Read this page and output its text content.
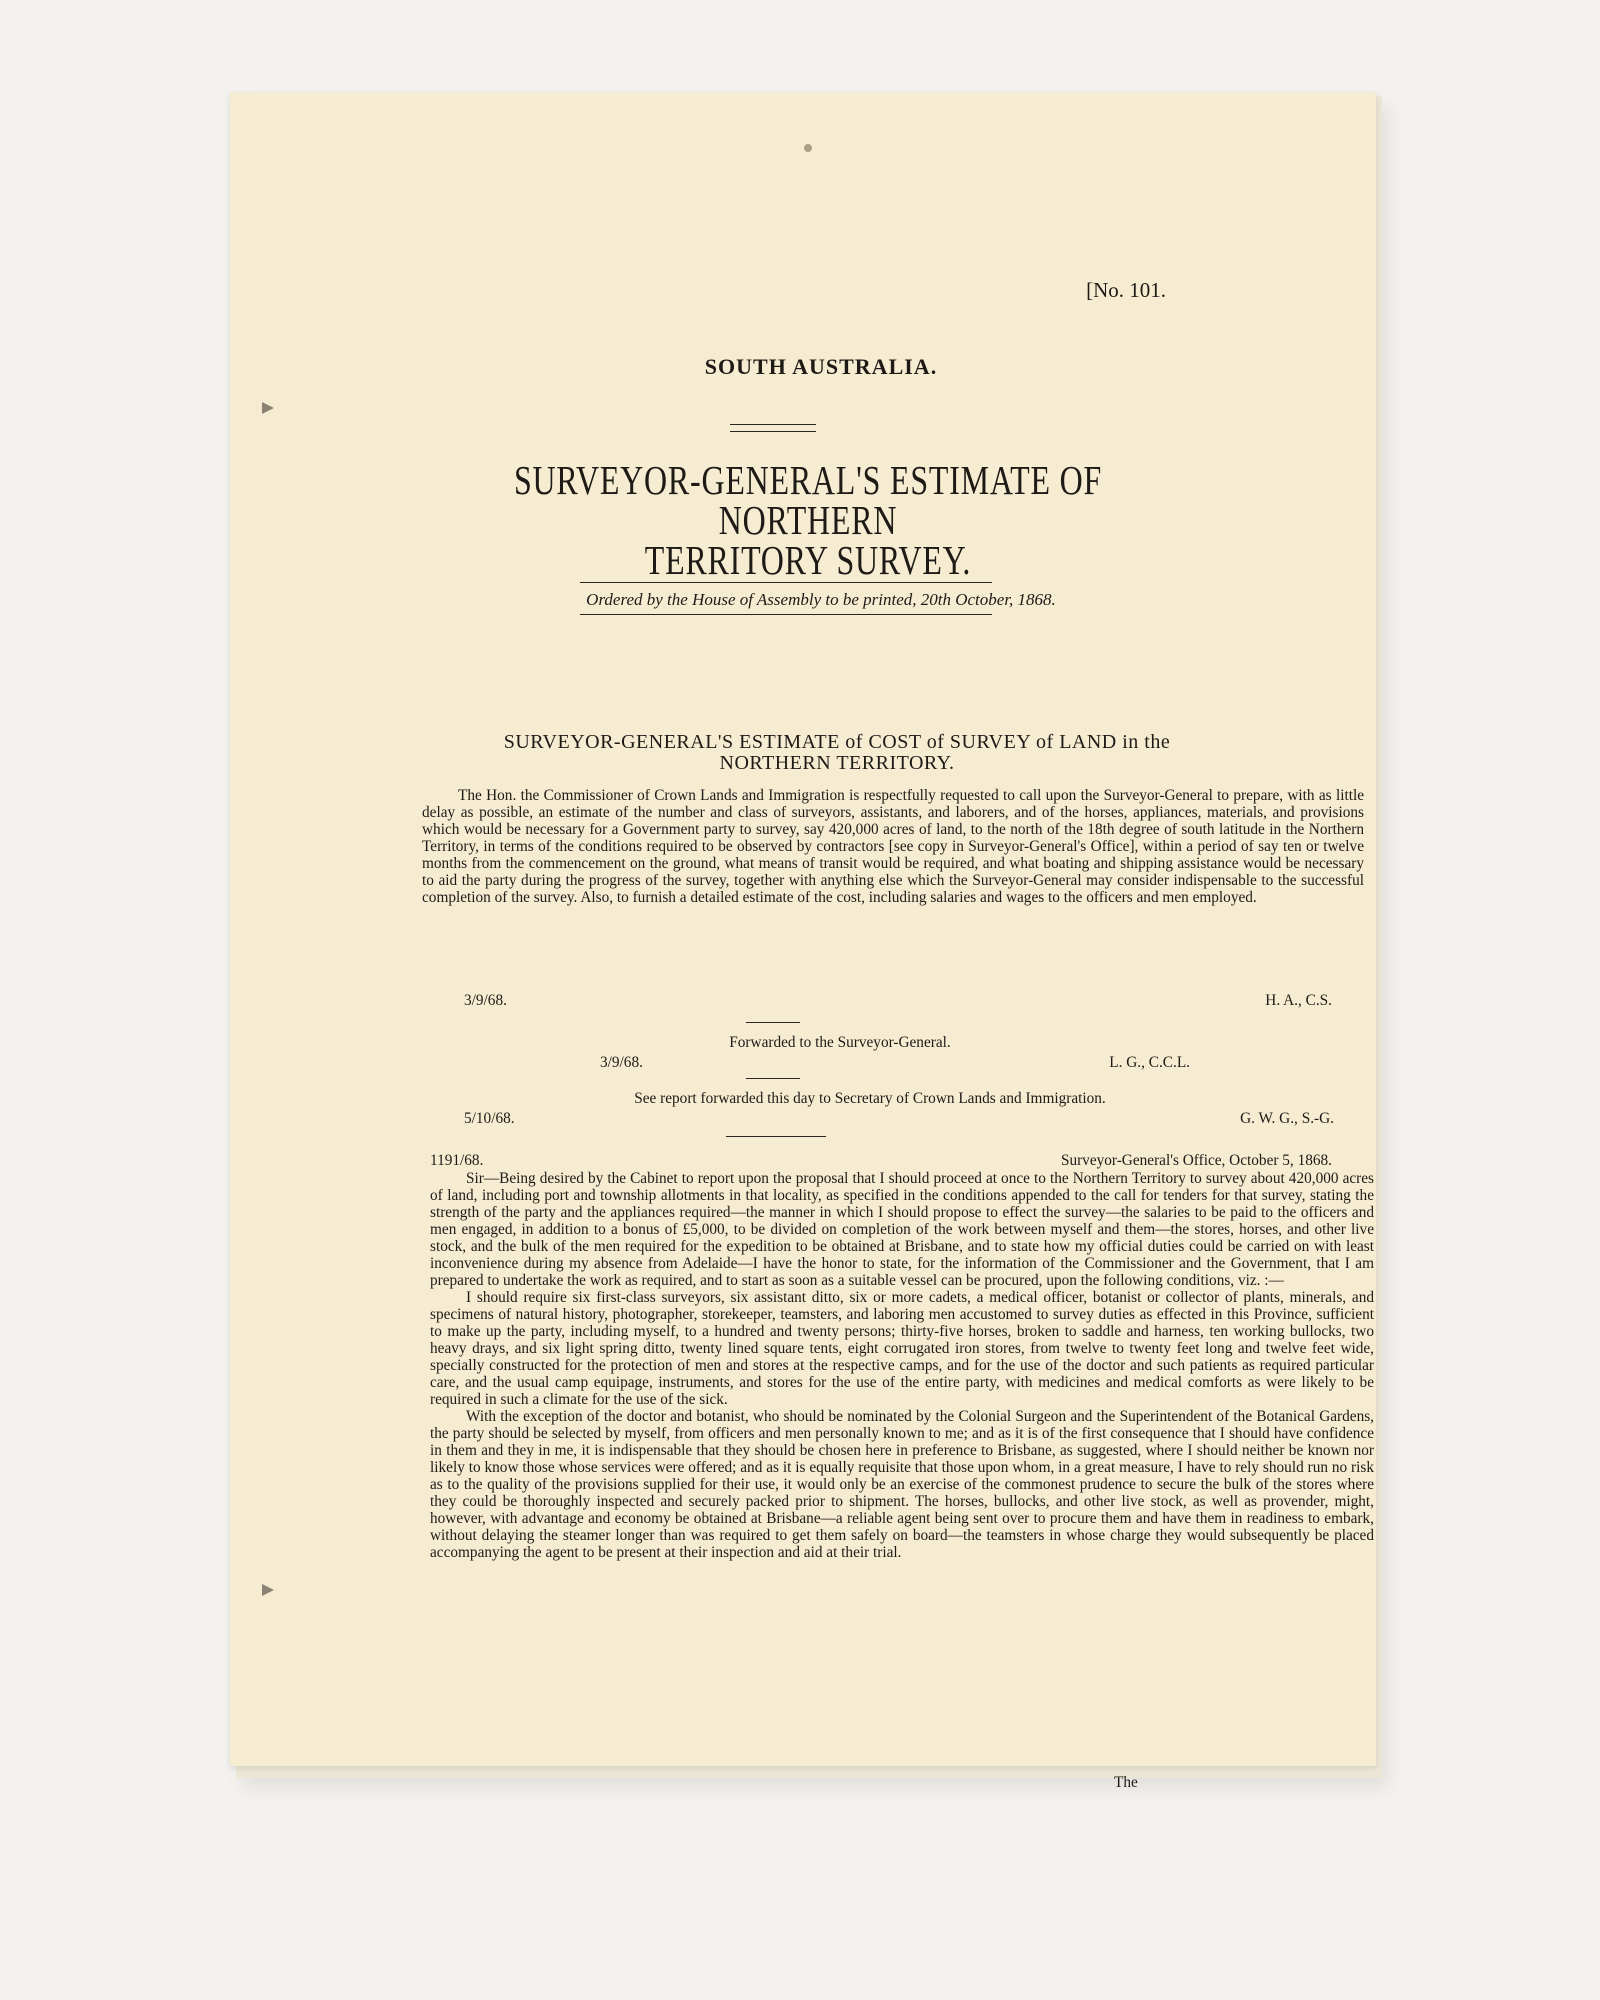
[No. 101.
SOUTH AUSTRALIA.
SURVEYOR-GENERAL'S ESTIMATE OF NORTHERN
TERRITORY SURVEY.
Ordered by the House of Assembly to be printed, 20th October, 1868.
SURVEYOR-GENERAL'S ESTIMATE of COST of SURVEY of LAND in the
NORTHERN TERRITORY.

The Hon. the Commissioner of Crown Lands and Immigration is respectfully requested to call upon the Surveyor-General to prepare, with as little delay as possible, an estimate of the number and class of surveyors, assistants, and laborers, and of the horses, appliances, materials, and provisions which would be necessary for a Government party to survey, say 420,000 acres of land, to the north of the 18th degree of south latitude in the Northern Territory, in terms of the conditions required to be observed by contractors [see copy in Surveyor-General's Office], within a period of say ten or twelve months from the commencement on the ground, what means of transit would be required, and what boating and shipping assistance would be necessary to aid the party during the progress of the survey, together with anything else which the Surveyor-General may consider indispensable to the successful completion of the survey. Also, to furnish a detailed estimate of the cost, including salaries and wages to the officers and men employed.

3/9/68.	H. A., C.S.
Forwarded to the Surveyor-General.
3/9/68.	L. G., C.C.L.
See report forwarded this day to Secretary of Crown Lands and Immigration.
5/10/68.	G. W. G., S.-G.
1191/68.	Surveyor-General's Office, October 5, 1868.

Sir—Being desired by the Cabinet to report upon the proposal that I should proceed at once to the Northern Territory to survey about 420,000 acres of land, including port and township allotments in that locality, as specified in the conditions appended to the call for tenders for that survey, stating the strength of the party and the appliances required—the manner in which I should propose to effect the survey—the salaries to be paid to the officers and men engaged, in addition to a bonus of £5,000, to be divided on completion of the work between myself and them—the stores, horses, and other live stock, and the bulk of the men required for the expedition to be obtained at Brisbane, and to state how my official duties could be carried on with least inconvenience during my absence from Adelaide—I have the honor to state, for the information of the Commissioner and the Government, that I am prepared to undertake the work as required, and to start as soon as a suitable vessel can be procured, upon the following conditions, viz. :—

I should require six first-class surveyors, six assistant ditto, six or more cadets, a medical officer, botanist or collector of plants, minerals, and specimens of natural history, photographer, storekeeper, teamsters, and laboring men accustomed to survey duties as effected in this Province, sufficient to make up the party, including myself, to a hundred and twenty persons; thirty-five horses, broken to saddle and harness, ten working bullocks, two heavy drays, and six light spring ditto, twenty lined square tents, eight corrugated iron stores, from twelve to twenty feet long and twelve feet wide, specially constructed for the protection of men and stores at the respective camps, and for the use of the doctor and such patients as required particular care, and the usual camp equipage, instruments, and stores for the use of the entire party, with medicines and medical comforts as were likely to be required in such a climate for the use of the sick.

With the exception of the doctor and botanist, who should be nominated by the Colonial Surgeon and the Superintendent of the Botanical Gardens, the party should be selected by myself, from officers and men personally known to me; and as it is of the first consequence that I should have confidence in them and they in me, it is indispensable that they should be chosen here in preference to Brisbane, as suggested, where I should neither be known nor likely to know those whose services were offered; and as it is equally requisite that those upon whom, in a great measure, I have to rely should run no risk as to the quality of the provisions supplied for their use, it would only be an exercise of the commonest prudence to secure the bulk of the stores where they could be thoroughly inspected and securely packed prior to shipment. The horses, bullocks, and other live stock, as well as provender, might, however, with advantage and economy be obtained at Brisbane—a reliable agent being sent over to procure them and have them in readiness to embark, without delaying the steamer longer than was required to get them safely on board—the teamsters in whose charge they would subsequently be placed accompanying the agent to be present at their inspection and aid at their trial.

The
